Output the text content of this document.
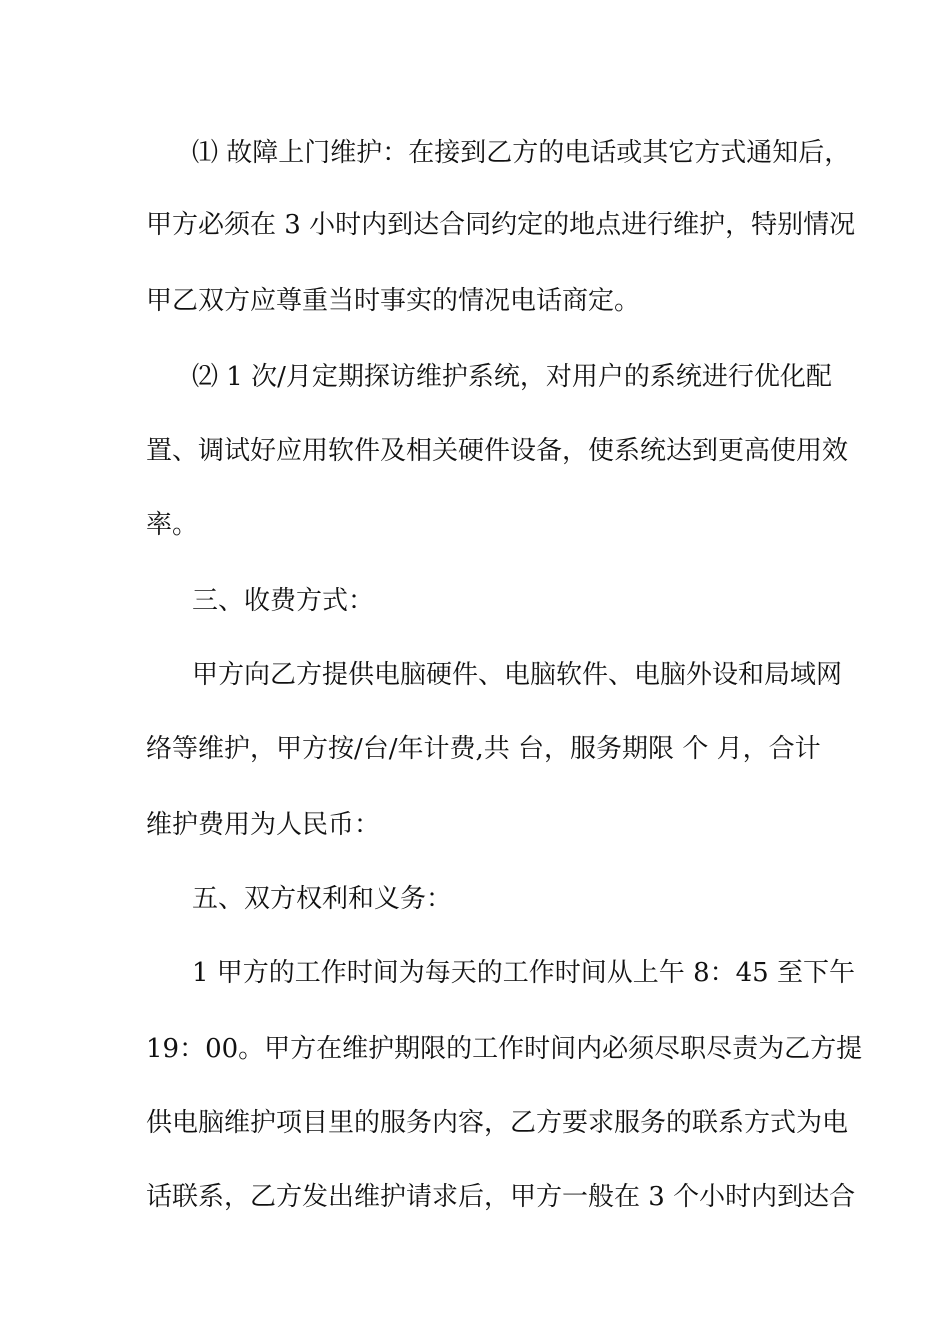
⑴ 故障上门维护：在接到乙方的电话或其它方式通知后，
甲方必须在 3 小时内到达合同约定的地点进行维护，特别情况
甲乙双方应尊重当时事实的情况电话商定。
⑵ 1 次/月定期探访维护系统，对用户的系统进行优化配
置、调试好应用软件及相关硬件设备，使系统达到更高使用效
率。
三、收费方式：
甲方向乙方提供电脑硬件、电脑软件、电脑外设和局域网
络等维护，甲方按/台/年计费,共 台，服务期限 个 月，合计
维护费用为人民币：
五、双方权利和义务：
1 甲方的工作时间为每天的工作时间从上午 8：45 至下午
19：00。甲方在维护期限的工作时间内必须尽职尽责为乙方提
供电脑维护项目里的服务内容，乙方要求服务的联系方式为电
话联系，乙方发出维护请求后，甲方一般在 3 个小时内到达合
